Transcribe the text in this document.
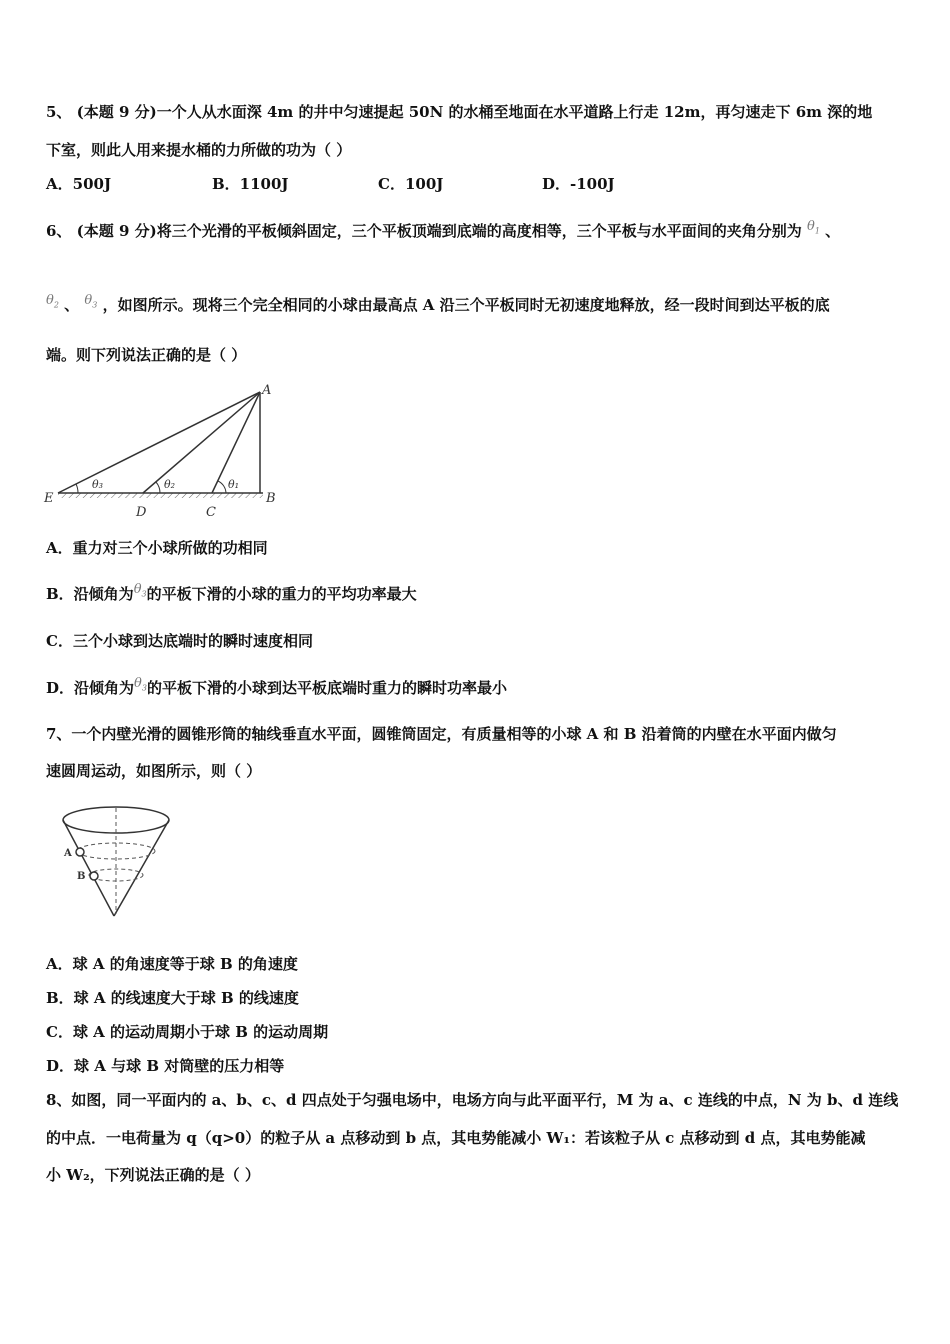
5、 (本题 9 分)一个人从水面深 4m 的井中匀速提起 50N 的水桶至地面在水平道路上行走 12m，再匀速走下 6m 深的地
下室，则此人用来提水桶的力所做的功为（ ）
A．500J	B．1100J	C．100J	D．-100J
6、 (本题 9 分)将三个光滑的平板倾斜固定，三个平板顶端到底端的高度相等，三个平板与水平面间的夹角分别为 $\theta_1$ 、
$\theta_2$ 、 $\theta_3$ ，如图所示。现将三个完全相同的小球由最高点 A 沿三个平板同时无初速度地释放，经一段时间到达平板的底
端。则下列说法正确的是（ ）
θ₃	θ₂	θ₁
A
B
E
D	C
A．重力对三个小球所做的功相同
B．沿倾角为$\theta_3$的平板下滑的小球的重力的平均功率最大
C．三个小球到达底端时的瞬时速度相同
D．沿倾角为$\theta_3$的平板下滑的小球到达平板底端时重力的瞬时功率最小
7、一个内壁光滑的圆锥形筒的轴线垂直水平面，圆锥筒固定，有质量相等的小球 A 和 B 沿着筒的内壁在水平面内做匀
速圆周运动，如图所示，则（ ）
A
B
A．球 A 的角速度等于球 B 的角速度
B．球 A 的线速度大于球 B 的线速度
C．球 A 的运动周期小于球 B 的运动周期
D．球 A 与球 B 对筒壁的压力相等
8、如图，同一平面内的 a、b、c、d 四点处于匀强电场中，电场方向与此平面平行，M 为 a、c 连线的中点，N 为 b、d 连线
的中点．一电荷量为 q（q>0）的粒子从 a 点移动到 b 点，其电势能减小 W₁：若该粒子从 c 点移动到 d 点，其电势能减
小 W₂，下列说法正确的是（ ）
